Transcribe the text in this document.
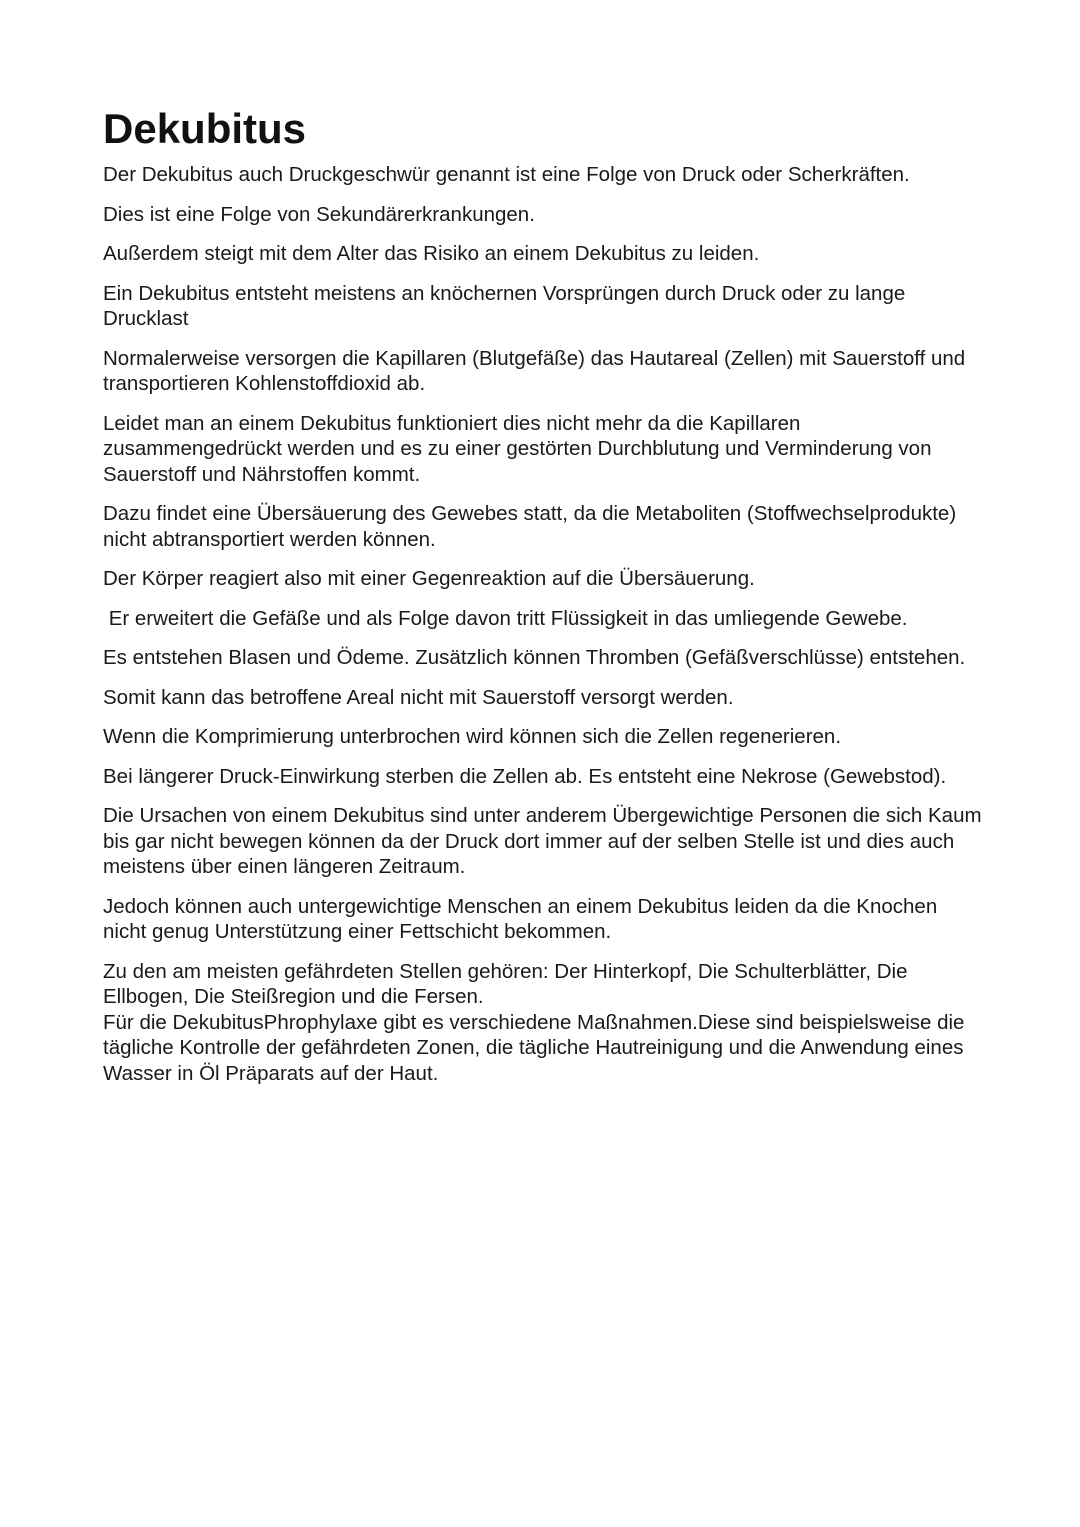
Dekubitus

Der Dekubitus auch Druckgeschwür genannt ist eine Folge von Druck oder Scherkräften.

Dies ist eine Folge von Sekundärerkrankungen.

Außerdem steigt mit dem Alter das Risiko an einem Dekubitus zu leiden.

Ein Dekubitus entsteht meistens an knöchernen Vorsprüngen durch Druck oder zu lange Drucklast

Normalerweise versorgen die Kapillaren (Blutgefäße) das Hautareal (Zellen) mit Sauerstoff und transportieren Kohlenstoffdioxid ab.

Leidet man an einem Dekubitus funktioniert dies nicht mehr da die Kapillaren zusammengedrückt werden und es zu einer gestörten Durchblutung und Verminderung von Sauerstoff und Nährstoffen kommt.

Dazu findet eine Übersäuerung des Gewebes statt, da die Metaboliten (Stoffwechselprodukte) nicht abtransportiert werden können.

Der Körper reagiert also mit einer Gegenreaktion auf die Übersäuerung.

Er erweitert die Gefäße und als Folge davon tritt Flüssigkeit in das umliegende Gewebe.

Es entstehen Blasen und Ödeme. Zusätzlich können Thromben (Gefäßverschlüsse) entstehen.

Somit kann das betroffene Areal nicht mit Sauerstoff versorgt werden.

Wenn die Komprimierung unterbrochen wird können sich die Zellen regenerieren.

Bei längerer Druck-Einwirkung sterben die Zellen ab. Es entsteht eine Nekrose (Gewebstod).

Die Ursachen von einem Dekubitus sind unter anderem Übergewichtige Personen die sich Kaum bis gar nicht bewegen können da der Druck dort immer auf der selben Stelle ist und dies auch meistens über einen längeren Zeitraum.

Jedoch können auch untergewichtige Menschen an einem Dekubitus leiden da die Knochen nicht genug Unterstützung einer Fettschicht bekommen.

Zu den am meisten gefährdeten Stellen gehören: Der Hinterkopf, Die Schulterblätter, Die Ellbogen, Die Steißregion und die Fersen.

Für die DekubitusPhrophylaxe gibt es verschiedene Maßnahmen.Diese sind beispielsweise die tägliche Kontrolle der gefährdeten Zonen, die tägliche Hautreinigung und die Anwendung eines Wasser in Öl Präparats auf der Haut.
